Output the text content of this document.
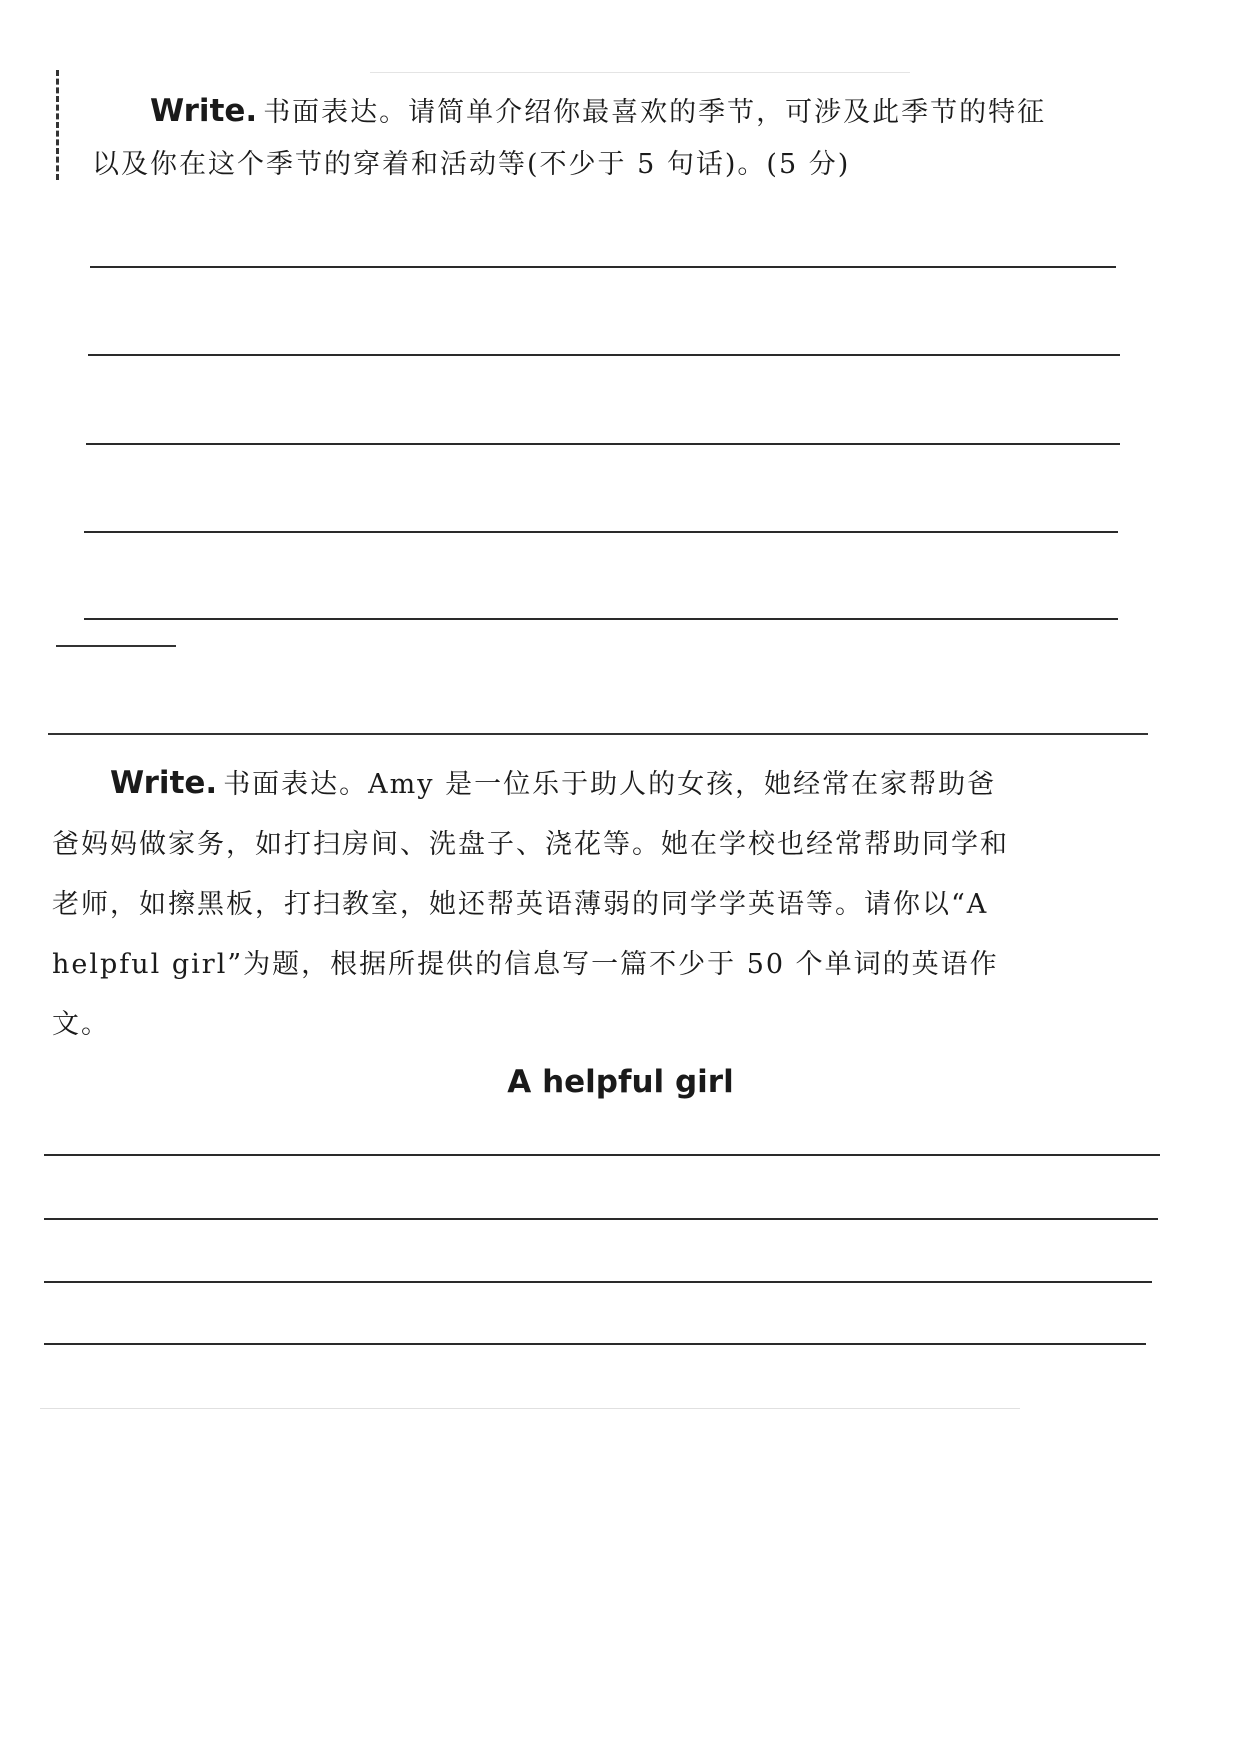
Write. 书面表达。请简单介绍你最喜欢的季节，可涉及此季节的特征

以及你在这个季节的穿着和活动等(不少于 5 句话)。(5 分)

Write. 书面表达。Amy 是一位乐于助人的女孩，她经常在家帮助爸

爸妈妈做家务，如打扫房间、洗盘子、浇花等。她在学校也经常帮助同学和

老师，如擦黑板，打扫教室，她还帮英语薄弱的同学学英语等。请你以“A

helpful girl”为题，根据所提供的信息写一篇不少于 50 个单词的英语作

文。

A helpful girl
